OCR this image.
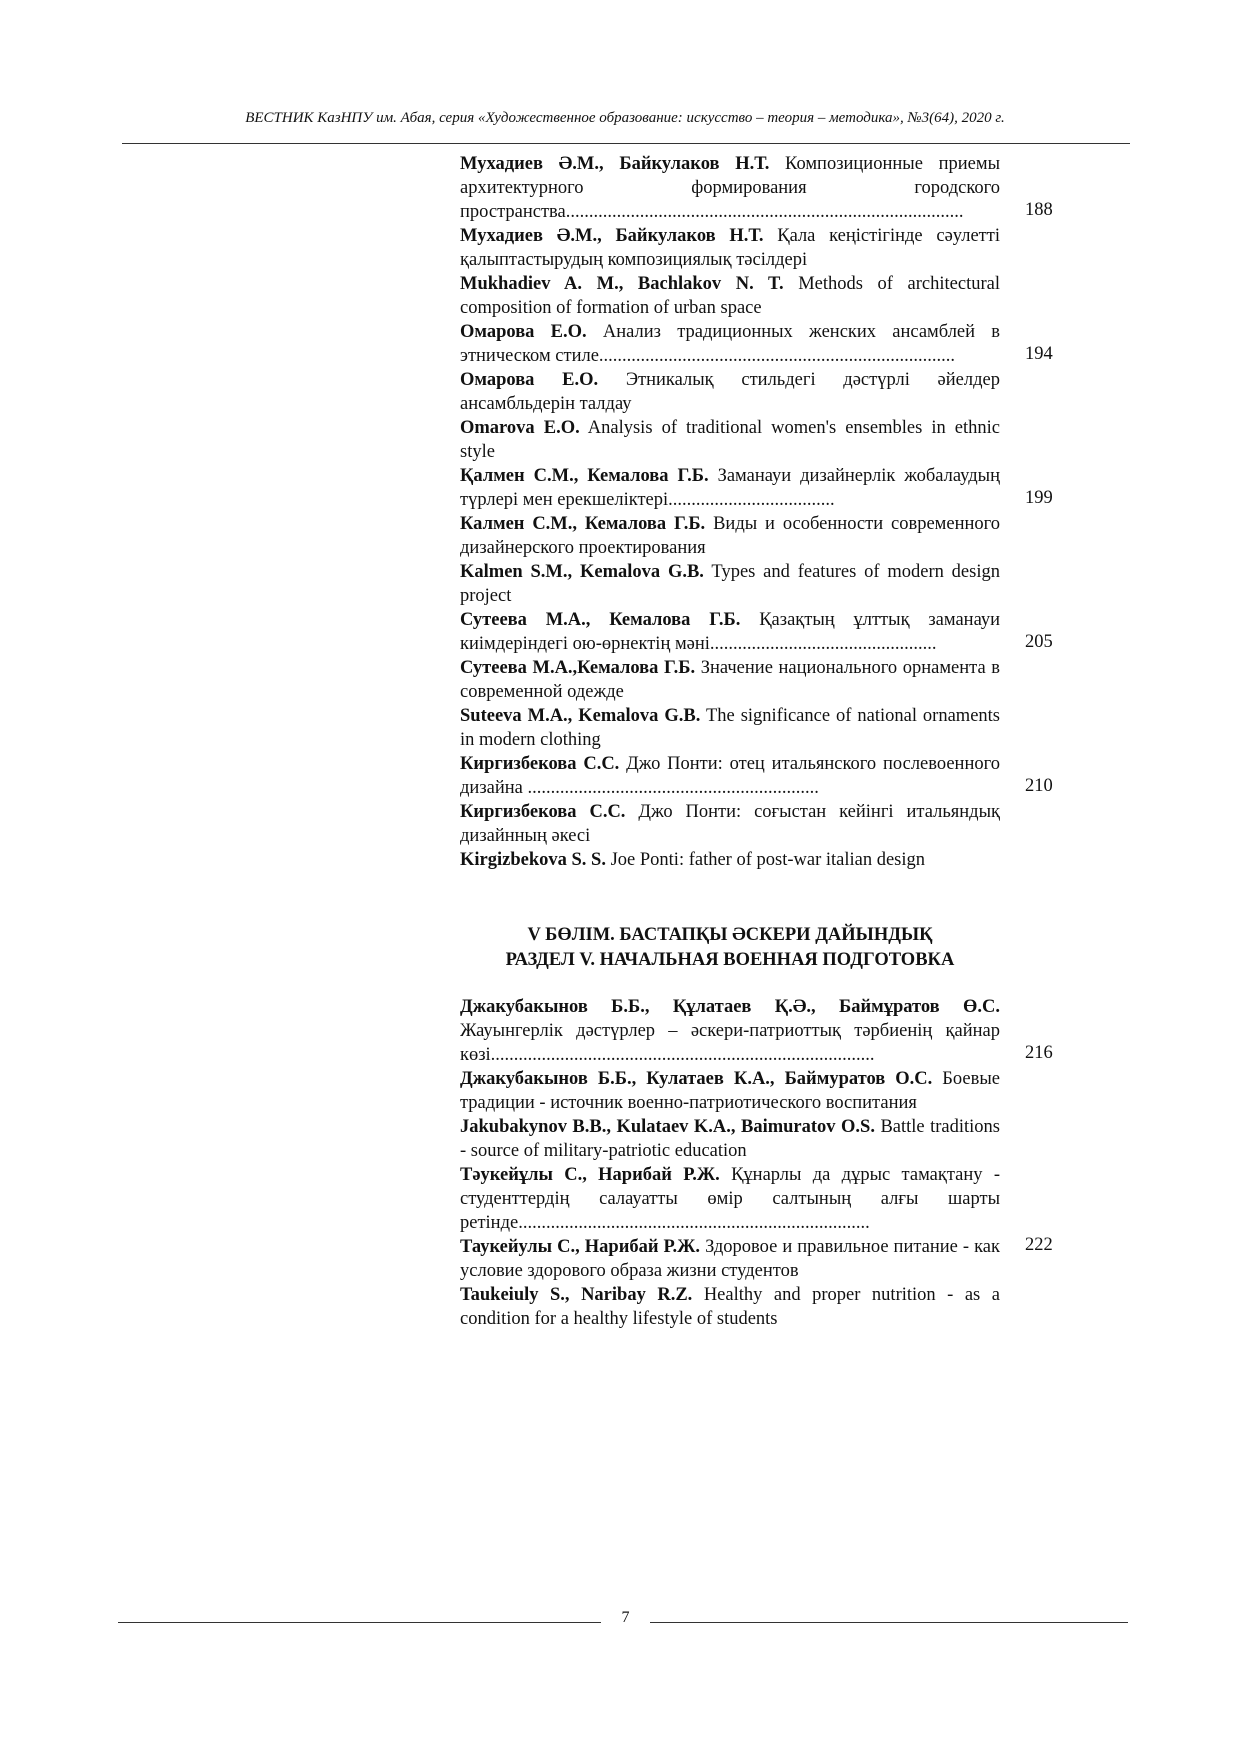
ВЕСТНИК КазНПУ им. Абая, серия «Художественное образование: искусство – теория – методика», №3(64), 2020 г.
Мухадиев Ә.М., Байкулаков Н.Т. Композиционные приемы архитектурного формирования городского пространства......................................................................................
Мухадиев Ә.М., Байкулаков Н.Т. Қала кеңістігінде сәулетті қалыптастырудың композициялық тәсілдері
Mukhadiev A. M., Bachlakov N. T. Methods of architectural composition of formation of urban space
Омарова Е.О. Анализ традиционных женских ансамблей в этническом стиле.............................................................................
Омарова Е.О. Этникалық стильдегі дәстүрлі әйелдер ансамбльдерін талдау
Omarova E.O. Analysis of traditional women's ensembles in ethnic style
Қалмен С.М., Кемалова Г.Б. Заманауи дизайнерлік жобалаудың түрлері мен ерекшеліктері....................................
Калмен С.М., Кемалова Г.Б. Виды и особенности современного дизайнерского проектирования
Kalmen S.M., Kemalova G.B. Types and features of modern design project
Сутеева М.А., Кемалова Г.Б. Қазақтың ұлттық заманауи киімдеріндегі ою-өрнектің мәні.................................................
Сутеева М.А.,Кемалова Г.Б. Значение национального орнамента в современной одежде
Suteeva M.A., Kemalova G.B. The significance of national ornaments in modern clothing
Киргизбекова С.С. Джо Понти: отец итальянского послевоенного дизайна ...............................................................
Киргизбекова С.С. Джо Понти: соғыстан кейінгі итальяндық дизайнның әкесі
Kirgizbekova S. S. Joe Ponti: father of post-war italian design
188
194
199
205
210
V БӨЛІМ. БАСТАПҚЫ ӘСКЕРИ ДАЙЫНДЫҚ
РАЗДЕЛ V. НАЧАЛЬНАЯ ВОЕННАЯ ПОДГОТОВКА
Джакубакынов Б.Б., Құлатаев Қ.Ә., Баймұратов Ө.С. Жауынгерлік дәстүрлер – әскери-патриоттық тәрбиенің қайнар көзі...................................................................................
Джакубакынов Б.Б., Кулатаев К.А., Баймуратов О.С. Боевые традиции - источник военно-патриотического воспитания
Jakubakynov B.B., Kulataev K.A., Baimuratov O.S. Battle traditions - source of military-patriotic education
Тәукейұлы С., Нарибай Р.Ж. Құнарлы да дұрыс тамақтану - студенттердің салауатты өмір салтының алғы шарты ретінде............................................................................
Таукейулы С., Нарибай Р.Ж. Здоровое и правильное питание - как условие здорового образа жизни студентов
Taukeiuly S., Naribay R.Z. Healthy and proper nutrition - as a condition for a healthy lifestyle of students
216
222
7
